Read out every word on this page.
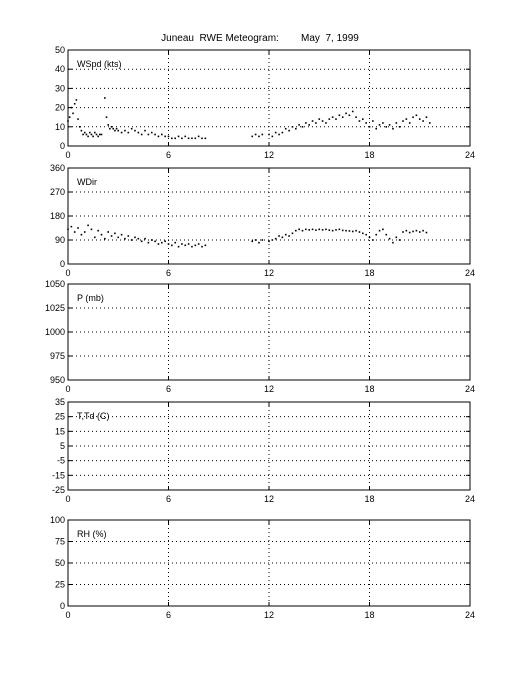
Juneau  RWE Meteogram:        May  7, 1999
0	6	12	18	24
0
10
20
30
40
50
WSpd (kts)
0	6	12	18	24
0
90
180
270
360
WDir
0	6	12	18	24
950
975
1000
1025
1050
P (mb)
0	6	12	18	24
-25
-15
-5
5
15
25
35
T,Td (C)
0	6	12	18	24
0
25
50
75
100
RH (%)
